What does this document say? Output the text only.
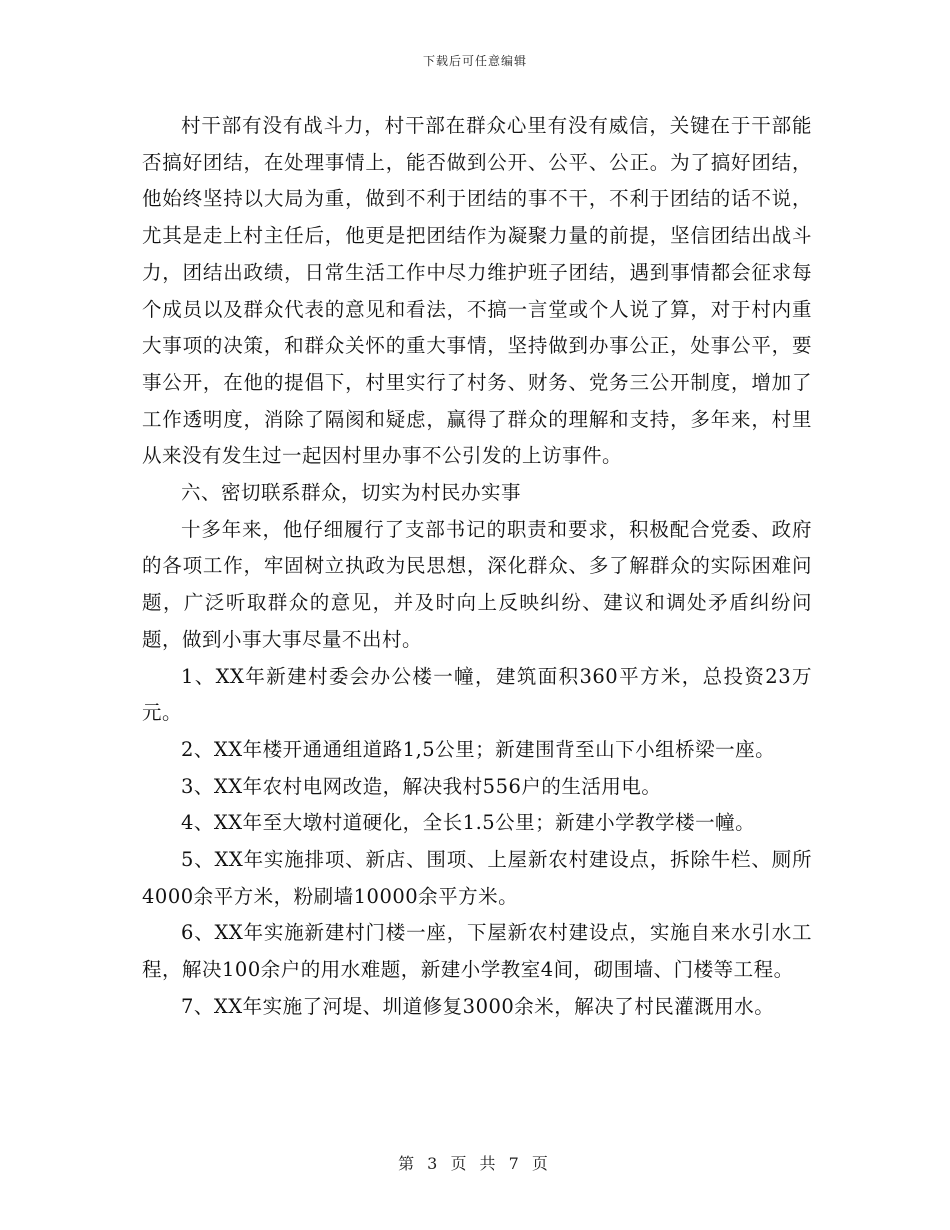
下载后可任意编辑

村干部有没有战斗力，村干部在群众心里有没有威信，关键在于干部能否搞好团结，在处理事情上，能否做到公开、公平、公正。为了搞好团结，他始终坚持以大局为重，做到不利于团结的事不干，不利于团结的话不说，尤其是走上村主任后，他更是把团结作为凝聚力量的前提，坚信团结出战斗力，团结出政绩，日常生活工作中尽力维护班子团结，遇到事情都会征求每个成员以及群众代表的意见和看法，不搞一言堂或个人说了算，对于村内重大事项的决策，和群众关怀的重大事情，坚持做到办事公正，处事公平，要事公开，在他的提倡下，村里实行了村务、财务、党务三公开制度，增加了工作透明度，消除了隔阂和疑虑，赢得了群众的理解和支持，多年来，村里从来没有发生过一起因村里办事不公引发的上访事件。

六、密切联系群众，切实为村民办实事

十多年来，他仔细履行了支部书记的职责和要求，积极配合党委、政府的各项工作，牢固树立执政为民思想，深化群众、多了解群众的实际困难问题，广泛听取群众的意见，并及时向上反映纠纷、建议和调处矛盾纠纷问题，做到小事大事尽量不出村。

1、XX年新建村委会办公楼一幢，建筑面积360平方米，总投资23万元。

2、XX年楼开通通组道路1,5公里；新建围背至山下小组桥梁一座。

3、XX年农村电网改造，解决我村556户的生活用电。

4、XX年至大墩村道硬化，全长1.5公里；新建小学教学楼一幢。

5、XX年实施排项、新店、围项、上屋新农村建设点，拆除牛栏、厕所4000余平方米，粉刷墙10000余平方米。

6、XX年实施新建村门楼一座，下屋新农村建设点，实施自来水引水工程，解决100余户的用水难题，新建小学教室4间，砌围墙、门楼等工程。

7、XX年实施了河堤、圳道修复3000余米，解决了村民灌溉用水。

第 3 页 共 7 页
